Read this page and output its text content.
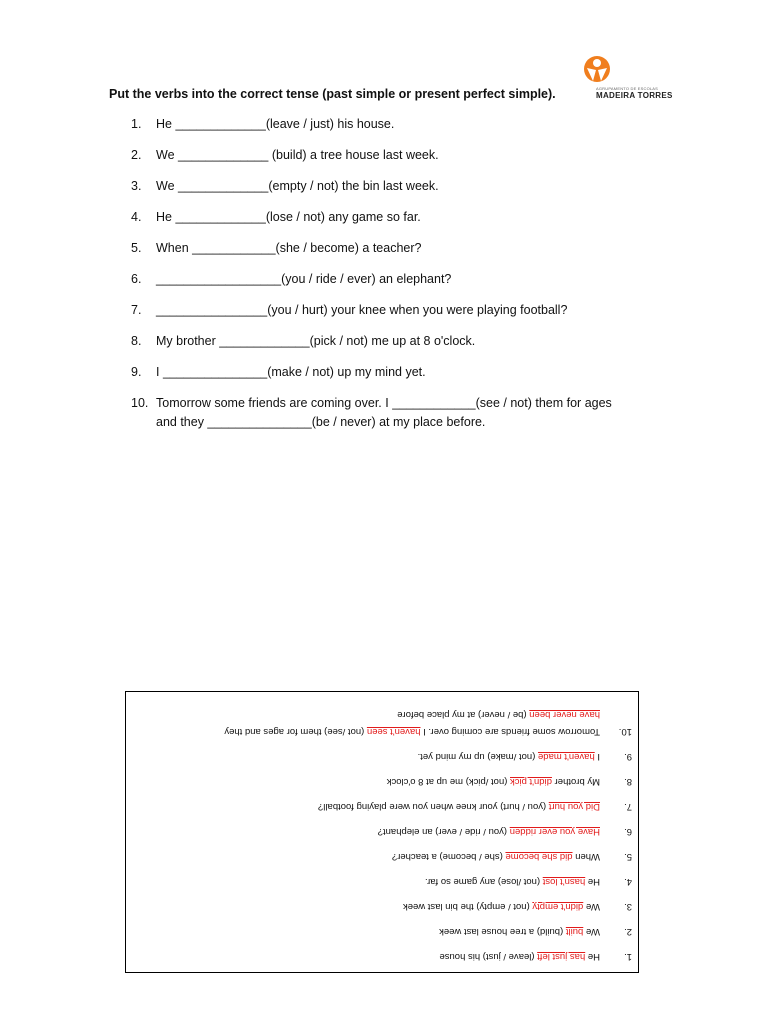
AGRUPAMENTO DE ESCOLAS
MADEIRA TORRES
Put the verbs into the correct tense (past simple or present perfect simple).
1.	He _____________(leave / just) his house.
2.	We _____________ (build) a tree house last week.
3.	We _____________(empty / not) the bin last week.
4.	He _____________(lose / not) any game so far.
5.	When ____________(she / become) a teacher?
6.	__________________(you / ride / ever) an elephant?
7.	________________(you / hurt) your knee when you were playing football?
8.	My brother _____________(pick / not) me up at 8 o'clock.
9.	I _______________(make / not) up my mind yet.
10. Tomorrow some friends are coming over. I ____________(see / not) them for ages
and they _______________(be / never) at my place before.
1.
He has just left (leave / just) his house
2.
We built (build) a tree house last week
3.
We didn't empty (not / empty) the bin last week
4.
He hasn't lost (not /lose) any game so far.
5.
When did she become (she / become) a teacher?
6.
Have you ever ridden (you / ride / ever) an elephant?
7.
Did you hurt (you / hurt) your knee when you were playing football?
8.
My brother didn't pick (not /pick) me up at 8 o'clock
9.
I haven't made (not /make) up my mind yet.
10.
Tomorrow some friends are coming over. I haven't seen (not /see) them for ages and they
have never been (be / never) at my place before
